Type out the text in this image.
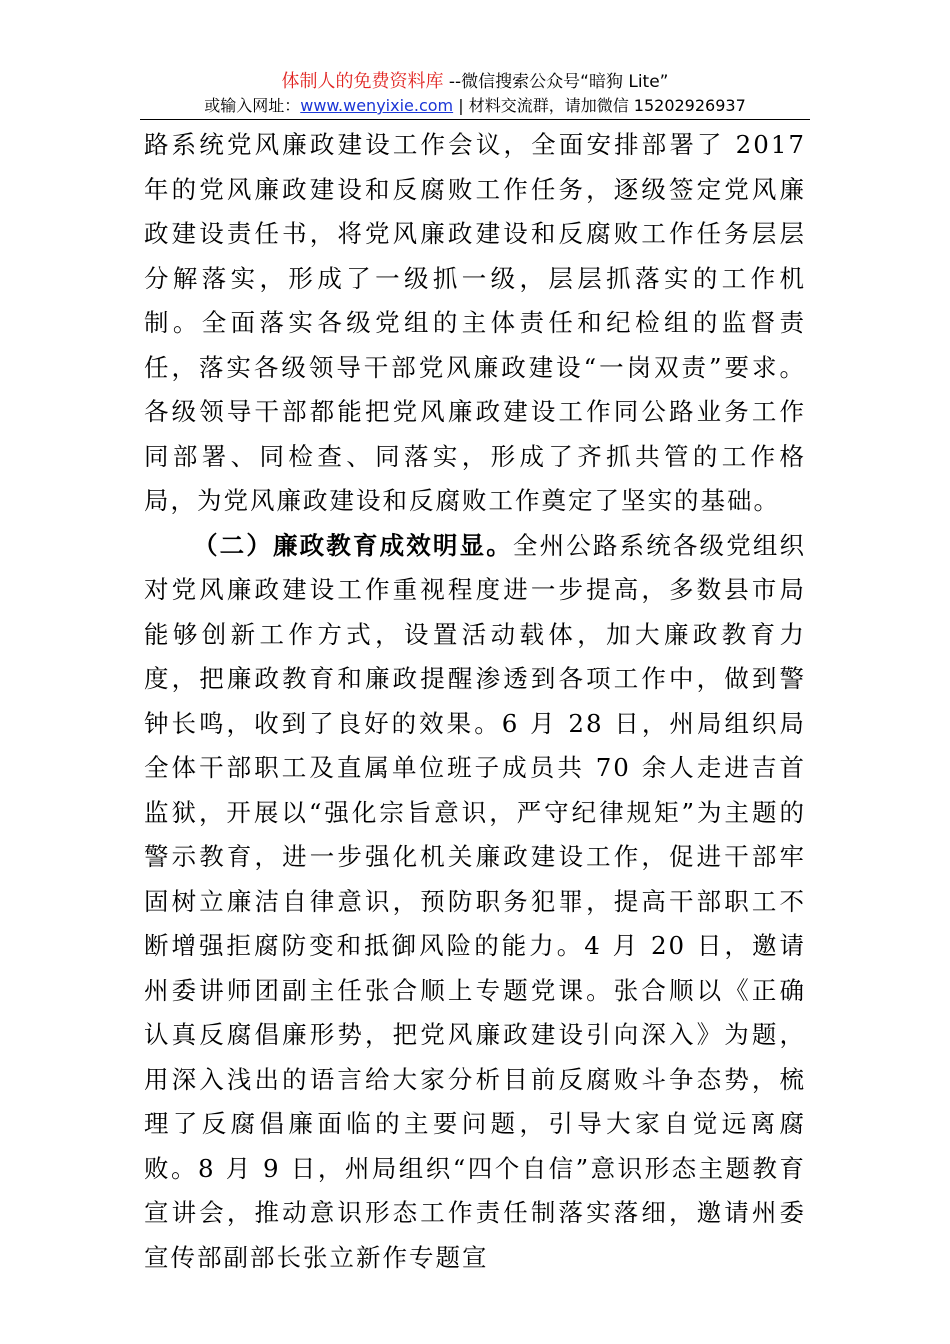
体制人的免费资料库 --微信搜索公众号“暗狗 Lite”
或输入网址：www.wenyixie.com | 材料交流群，请加微信 15202926937

路系统党风廉政建设工作会议，全面安排部署了 2017 年的党风廉政建设和反腐败工作任务，逐级签定党风廉政建设责任书，将党风廉政建设和反腐败工作任务层层分解落实，形成了一级抓一级，层层抓落实的工作机制。全面落实各级党组的主体责任和纪检组的监督责任，落实各级领导干部党风廉政建设“一岗双责”要求。各级领导干部都能把党风廉政建设工作同公路业务工作同部署、同检查、同落实，形成了齐抓共管的工作格局，为党风廉政建设和反腐败工作奠定了坚实的基础。

（二）廉政教育成效明显。全州公路系统各级党组织对党风廉政建设工作重视程度进一步提高，多数县市局能够创新工作方式，设置活动载体，加大廉政教育力度，把廉政教育和廉政提醒渗透到各项工作中，做到警钟长鸣，收到了良好的效果。6 月 28 日，州局组织局全体干部职工及直属单位班子成员共 70 余人走进吉首监狱，开展以“强化宗旨意识，严守纪律规矩”为主题的警示教育，进一步强化机关廉政建设工作，促进干部牢固树立廉洁自律意识，预防职务犯罪，提高干部职工不断增强拒腐防变和抵御风险的能力。4 月 20 日，邀请州委讲师团副主任张合顺上专题党课。张合顺以《正确认真反腐倡廉形势，把党风廉政建设引向深入》为题，用深入浅出的语言给大家分析目前反腐败斗争态势，梳理了反腐倡廉面临的主要问题，引导大家自觉远离腐败。8 月 9 日，州局组织“四个自信”意识形态主题教育宣讲会，推动意识形态工作责任制落实落细，邀请州委宣传部副部长张立新作专题宣
